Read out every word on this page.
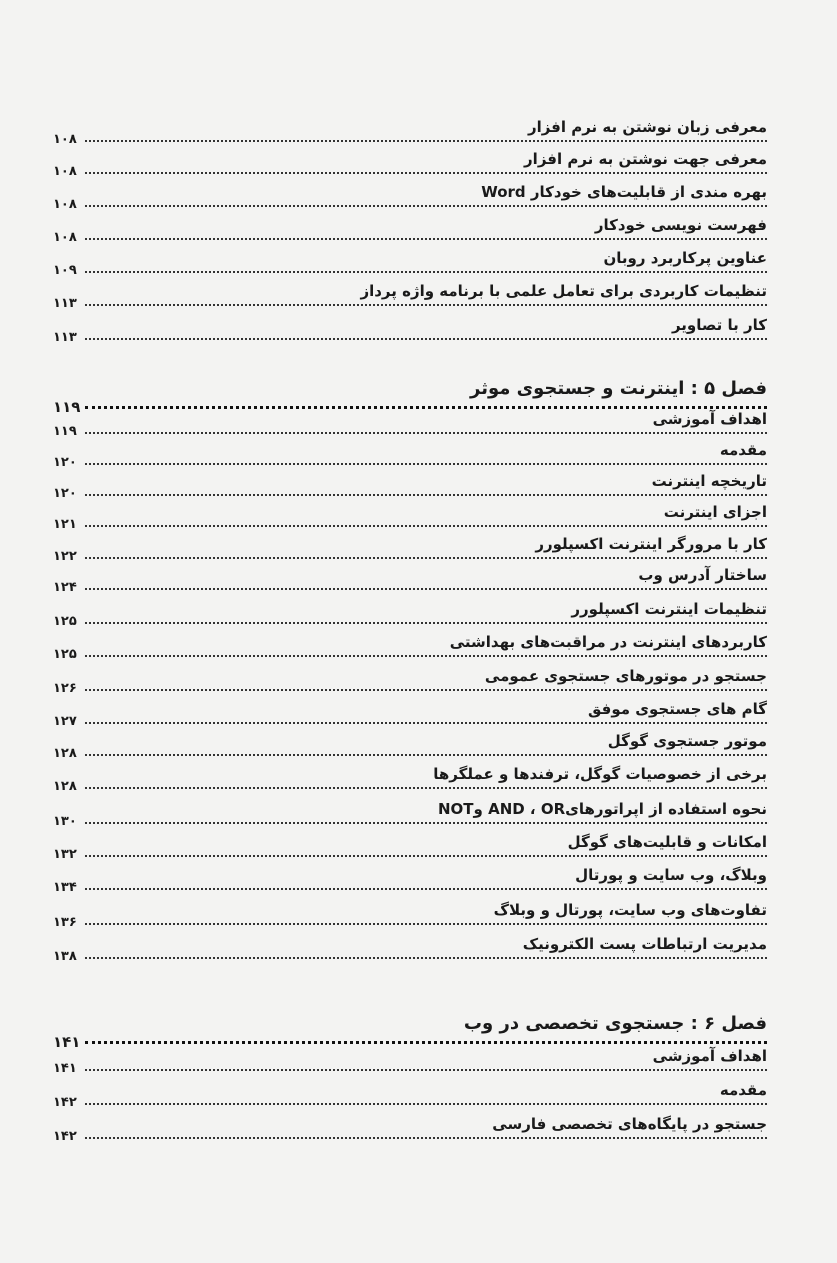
معرفی زبان نوشتن به نرم افزار
۱۰۸
معرفی جهت نوشتن به نرم افزار
۱۰۸
بهره مندی از قابلیت‌های خودکار Word
۱۰۸
فهرست نویسی خودکار
۱۰۸
عناوین پرکاربرد روبان
۱۰۹
تنظیمات کاربردی برای تعامل علمی با برنامه واژه پرداز
۱۱۳
کار با تصاویر
۱۱۳
فصل ۵ : اینترنت و جستجوی موثر
۱۱۹
اهداف آموزشی
۱۱۹
مقدمه
۱۲۰
تاریخچه اینترنت
۱۲۰
اجزای اینترنت
۱۲۱
کار با مرورگر اینترنت اکسپلورر
۱۲۲
ساختار آدرس وب
۱۲۴
تنظیمات اینترنت اکسپلورر
۱۲۵
کاربردهای اینترنت در مراقبت‌های بهداشتی
۱۲۵
جستجو در موتورهای جستجوی عمومی
۱۲۶
گام های جستجوی موفق
۱۲۷
موتور جستجوی گوگل
۱۲۸
برخی از خصوصیات گوگل، ترفندها و عملگرها
۱۲۸
نحوه استفاده از اپراتورهایAND ، OR وNOT
۱۳۰
امکانات و قابلیت‌های گوگل
۱۳۲
وبلاگ، وب سایت و پورتال
۱۳۴
تفاوت‌های وب سایت، پورتال و وبلاگ
۱۳۶
مدیریت ارتباطات پست الکترونیک
۱۳۸
فصل ۶ : جستجوی تخصصی در وب
۱۴۱
اهداف آموزشی
۱۴۱
مقدمه
۱۴۲
جستجو در پایگاه‌های تخصصی فارسی
۱۴۲
